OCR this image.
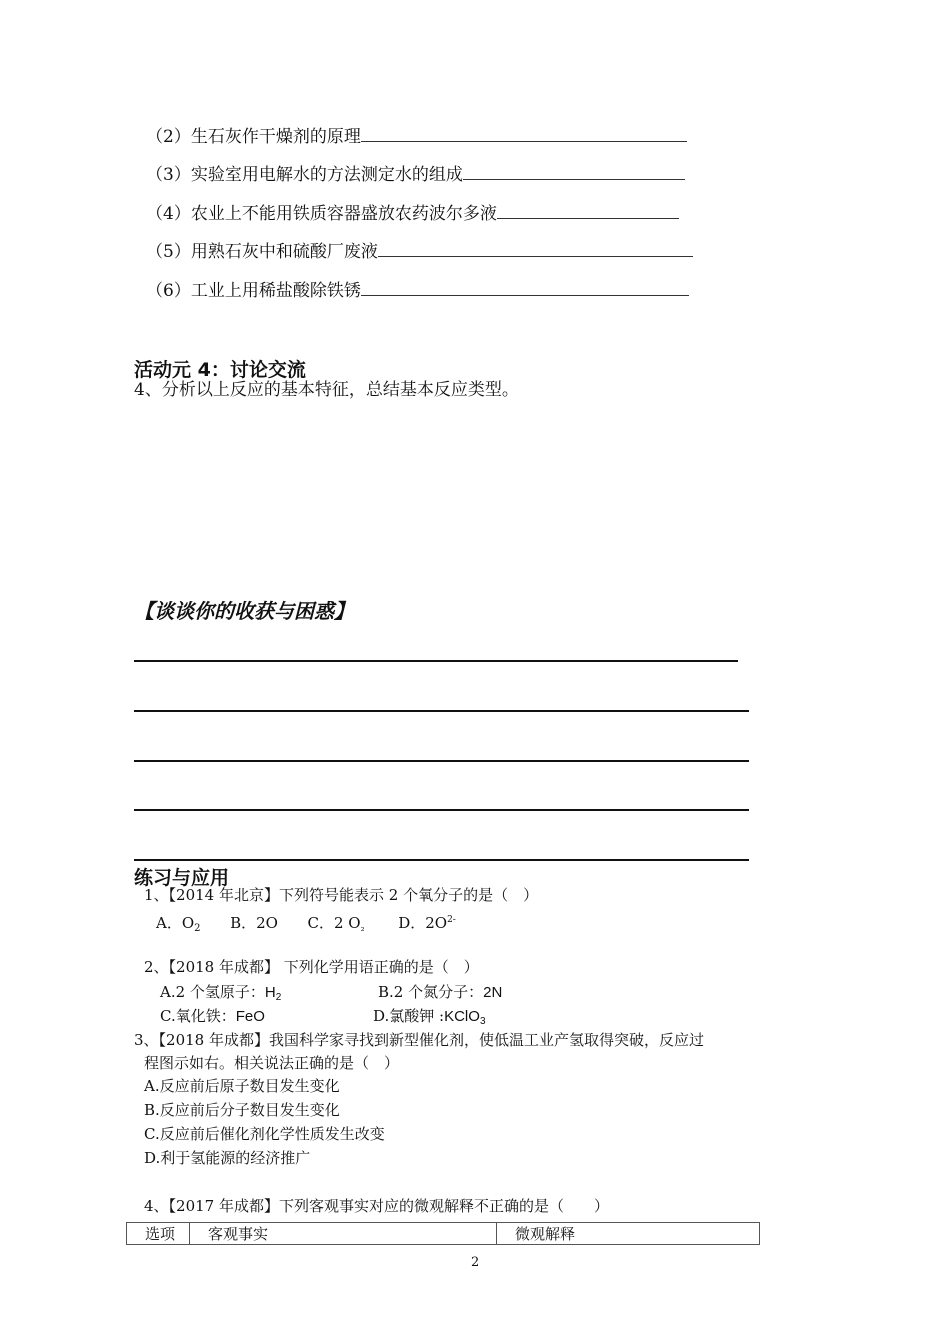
（2）生石灰作干燥剂的原理
（3）实验室用电解水的方法测定水的组成
（4）农业上不能用铁质容器盛放农药波尔多液
（5）用熟石灰中和硫酸厂废液
（6）工业上用稀盐酸除铁锈
活动元 4：讨论交流
4、分析以上反应的基本特征，总结基本反应类型。
【谈谈你的收获与困惑】
练习与应用
1、【2014 年北京】下列符号能表示 2 个氧分子的是（　）
A．$O_2$ B．2O C．2 $O_{_2}$ D．$2O^{2-}$
2、【2018 年成都】 下列化学用语正确的是（　）
A.2 个氢原子：$H_2$	B.2 个氮分子：2N
C.氧化铁：FeO	D.氯酸钾 :KClO$_3$
3、【2018 年成都】我国科学家寻找到新型催化剂，使低温工业产氢取得突破，反应过
程图示如右。相关说法正确的是（　）
A.反应前后原子数目发生变化
B.反应前后分子数目发生变化
C.反应前后催化剂化学性质发生改变
D.利于氢能源的经济推广
4、【2017 年成都】下列客观事实对应的微观解释不正确的是（　　）
选项	客观事实	微观解释
2
